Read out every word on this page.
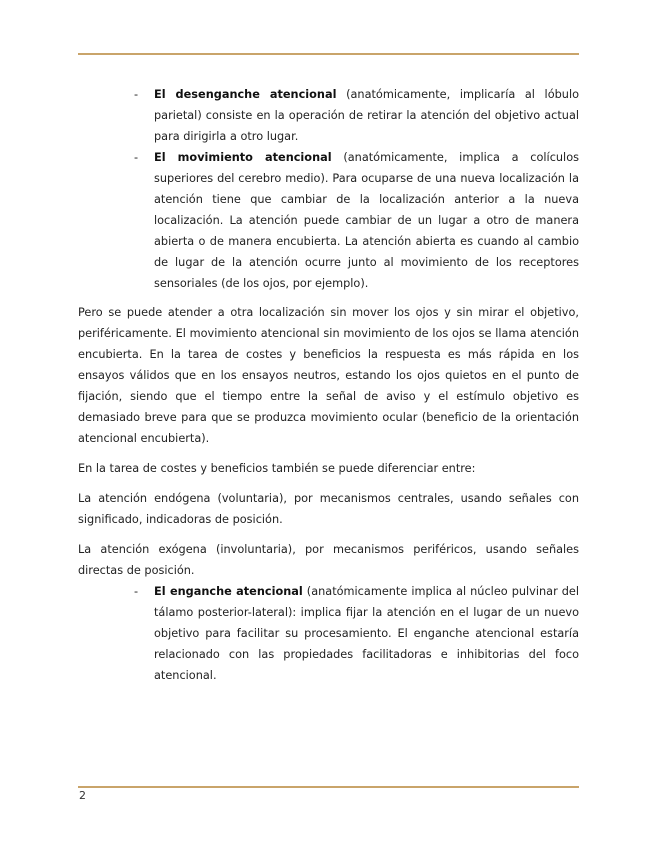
- El desenganche atencional (anatómicamente, implicaría al lóbulo parietal) consiste en la operación de retirar la atención del objetivo actual para dirigirla a otro lugar.
- El movimiento atencional (anatómicamente, implica a colículos superiores del cerebro medio). Para ocuparse de una nueva localización la atención tiene que cambiar de la localización anterior a la nueva localización. La atención puede cambiar de un lugar a otro de manera abierta o de manera encubierta. La atención abierta es cuando al cambio de lugar de la atención ocurre junto al movimiento de los receptores sensoriales (de los ojos, por ejemplo).

Pero se puede atender a otra localización sin mover los ojos y sin mirar el objetivo, periféricamente. El movimiento atencional sin movimiento de los ojos se llama atención encubierta. En la tarea de costes y beneficios la respuesta es más rápida en los ensayos válidos que en los ensayos neutros, estando los ojos quietos en el punto de fijación, siendo que el tiempo entre la señal de aviso y el estímulo objetivo es demasiado breve para que se produzca movimiento ocular (beneficio de la orientación atencional encubierta).

En la tarea de costes y beneficios también se puede diferenciar entre:

La atención endógena (voluntaria), por mecanismos centrales, usando señales con significado, indicadoras de posición.

La atención exógena (involuntaria), por mecanismos periféricos, usando señales directas de posición.

- El enganche atencional (anatómicamente implica al núcleo pulvinar del tálamo posterior-lateral): implica fijar la atención en el lugar de un nuevo objetivo para facilitar su procesamiento. El enganche atencional estaría relacionado con las propiedades facilitadoras e inhibitorias del foco atencional.
2
